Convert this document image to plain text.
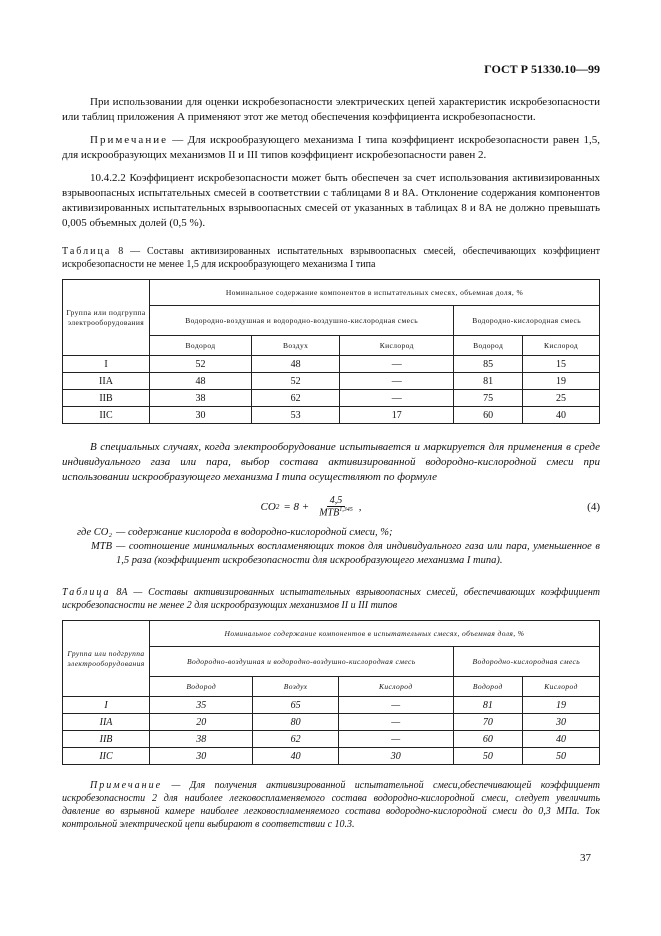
ГОСТ Р 51330.10—99

При использовании для оценки искробезопасности электрических цепей характеристик искробезопасности или таблиц приложения А применяют этот же метод обеспечения коэффициента искробезопасности.

Примечание — Для искрообразующего механизма I типа коэффициент искробезопасности равен 1,5, для искрообразующих механизмов II и III типов коэффициент искробезопасности равен 2.

10.4.2.2 Коэффициент искробезопасности может быть обеспечен за счет использования активизированных взрывоопасных испытательных смесей в соответствии с таблицами 8 и 8А. Отклонение содержания компонентов активизированных испытательных взрывоопасных смесей от указанных в таблицах 8 и 8А не должно превышать 0,005 объемных долей (0,5 %).

Таблица 8 — Составы активизированных испытательных взрывоопасных смесей, обеспечивающих коэффициент искробезопасности не менее 1,5 для искрообразующего механизма I типа
Группа или подгруппа электрооборудования	Номинальное содержание компонентов в испытательных смесях, объемная доля, %				
	Водородно-воздушная и водородно-воздушно-кислородная смесь			Водородно-кислородная смесь	
	Водород	Воздух	Кислород	Водород	Кислород
I	52	48	—	85	15
IIA	48	52	—	81	19
IIB	38	62	—	75	25
IIC	30	53	17	60	40

В специальных случаях, когда электрооборудование испытывается и маркируется для применения в среде индивидуального газа или пара, выбор состава активизированной водородно-кислородной смеси при использовании искрообразующего механизма I типа осуществляют по формуле

CO $2 = 8 + \frac{4,5}{MTB^{1,345}}$ ,	(4)
где CO₂ — содержание кислорода в водородно-кислородной смеси, %;
MTB — соотношение минимальных воспламеняющих токов для индивидуального газа или пара, уменьшенное в 1,5 раза (коэффициент искробезопасности для искрообразующего механизма I типа).
Таблица 8А — Составы активизированных испытательных взрывоопасных смесей, обеспечивающих коэффициент искробезопасности не менее 2 для искрообразующих механизмов II и III типов
Группа или подгруппа электрооборудования	Номинальное содержание компонентов в испытательных смесях, объемная доля, %				
	Водородно-воздушная и водородно-воздушно-кислородная смесь			Водородно-кислородная смесь	
	Водород	Воздух	Кислород	Водород	Кислород
I	35	65	—	81	19
IIA	20	80	—	70	30
IIB	38	62	—	60	40
IIC	30	40	30	50	50
Примечание — Для получения активизированной испытательной смеси,обеспечивающей коэффициент искробезопасности 2 для наиболее легковоспламеняемого состава водородно-кислородной смеси, следует увеличить давление во взрывной камере наиболее легковоспламеняемого состава водородно-кислородной смеси до 0,3 МПа. Ток контрольной электрической цепи выбирают в соответствии с 10.3.
37
